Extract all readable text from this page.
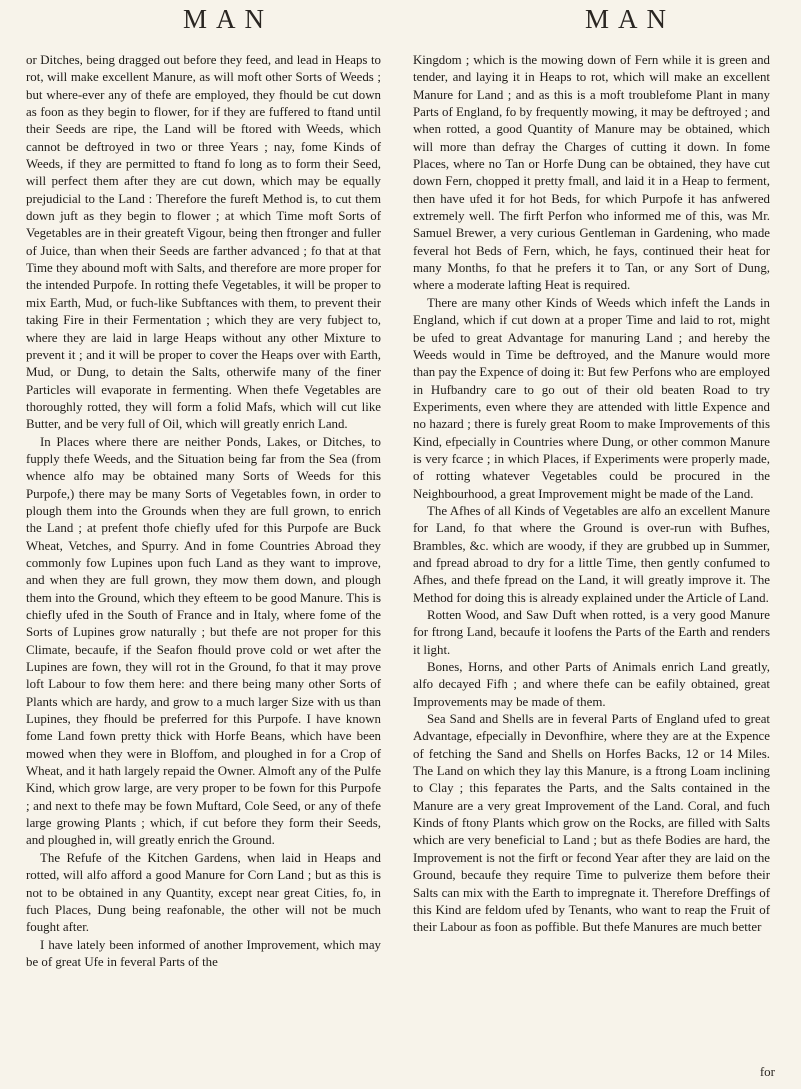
MAN	MAN

or Ditches, being dragged out before they feed, and lead in Heaps to rot, will make excellent Manure, as will moft other Sorts of Weeds ; but where-ever any of thefe are employed, they fhould be cut down as foon as they begin to flower, for if they are fuffered to ftand until their Seeds are ripe, the Land will be ftored with Weeds, which cannot be deftroyed in two or three Years ; nay, fome Kinds of Weeds, if they are permitted to ftand fo long as to form their Seed, will perfect them after they are cut down, which may be equally prejudicial to the Land : Therefore the fureft Method is, to cut them down juft as they begin to flower ; at which Time moft Sorts of Vegetables are in their greateft Vigour, being then ftronger and fuller of Juice, than when their Seeds are farther advanced ; fo that at that Time they abound moft with Salts, and therefore are more proper for the intended Purpofe. In rotting thefe Vegetables, it will be proper to mix Earth, Mud, or fuch-like Subftances with them, to prevent their taking Fire in their Fermentation ; which they are very fubject to, where they are laid in large Heaps without any other Mixture to prevent it ; and it will be proper to cover the Heaps over with Earth, Mud, or Dung, to detain the Salts, otherwife many of the finer Particles will evaporate in fermenting. When thefe Vegetables are thoroughly rotted, they will form a folid Mafs, which will cut like Butter, and be very full of Oil, which will greatly enrich Land.

In Places where there are neither Ponds, Lakes, or Ditches, to fupply thefe Weeds, and the Situation being far from the Sea (from whence alfo may be obtained many Sorts of Weeds for this Purpofe,) there may be many Sorts of Vegetables fown, in order to plough them into the Grounds when they are full grown, to enrich the Land ; at prefent thofe chiefly ufed for this Purpofe are Buck Wheat, Vetches, and Spurry. And in fome Countries Abroad they commonly fow Lupines upon fuch Land as they want to improve, and when they are full grown, they mow them down, and plough them into the Ground, which they efteem to be good Manure. This is chiefly ufed in the South of France and in Italy, where fome of the Sorts of Lupines grow naturally ; but thefe are not proper for this Climate, becaufe, if the Seafon fhould prove cold or wet after the Lupines are fown, they will rot in the Ground, fo that it may prove loft Labour to fow them here: and there being many other Sorts of Plants which are hardy, and grow to a much larger Size with us than Lupines, they fhould be preferred for this Purpofe. I have known fome Land fown pretty thick with Horfe Beans, which have been mowed when they were in Bloffom, and ploughed in for a Crop of Wheat, and it hath largely repaid the Owner. Almoft any of the Pulfe Kind, which grow large, are very proper to be fown for this Purpofe ; and next to thefe may be fown Muftard, Cole Seed, or any of thefe large growing Plants ; which, if cut before they form their Seeds, and ploughed in, will greatly enrich the Ground.

The Refufe of the Kitchen Gardens, when laid in Heaps and rotted, will alfo afford a good Manure for Corn Land ; but as this is not to be obtained in any Quantity, except near great Cities, fo, in fuch Places, Dung being reafonable, the other will not be much fought after.

I have lately been informed of another Improvement, which may be of great Ufe in feveral Parts of the

Kingdom ; which is the mowing down of Fern while it is green and tender, and laying it in Heaps to rot, which will make an excellent Manure for Land ; and as this is a moft troublefome Plant in many Parts of England, fo by frequently mowing, it may be deftroyed ; and when rotted, a good Quantity of Manure may be obtained, which will more than defray the Charges of cutting it down. In fome Places, where no Tan or Horfe Dung can be obtained, they have cut down Fern, chopped it pretty fmall, and laid it in a Heap to ferment, then have ufed it for hot Beds, for which Purpofe it has anfwered extremely well. The firft Perfon who informed me of this, was Mr. Samuel Brewer, a very curious Gentleman in Gardening, who made feveral hot Beds of Fern, which, he fays, continued their heat for many Months, fo that he prefers it to Tan, or any Sort of Dung, where a moderate lafting Heat is required.

There are many other Kinds of Weeds which infeft the Lands in England, which if cut down at a proper Time and laid to rot, might be ufed to great Advantage for manuring Land ; and hereby the Weeds would in Time be deftroyed, and the Manure would more than pay the Expence of doing it: But few Perfons who are employed in Hufbandry care to go out of their old beaten Road to try Experiments, even where they are attended with little Expence and no hazard ; there is furely great Room to make Improvements of this Kind, efpecially in Countries where Dung, or other common Manure is very fcarce ; in which Places, if Experiments were properly made, of rotting whatever Vegetables could be procured in the Neighbourhood, a great Improvement might be made of the Land.

The Afhes of all Kinds of Vegetables are alfo an excellent Manure for Land, fo that where the Ground is over-run with Bufhes, Brambles, &c. which are woody, if they are grubbed up in Summer, and fpread abroad to dry for a little Time, then gently confumed to Afhes, and thefe fpread on the Land, it will greatly improve it. The Method for doing this is already explained under the Article of Land.

Rotten Wood, and Saw Duft when rotted, is a very good Manure for ftrong Land, becaufe it loofens the Parts of the Earth and renders it light.

Bones, Horns, and other Parts of Animals enrich Land greatly, alfo decayed Fifh ; and where thefe can be eafily obtained, great Improvements may be made of them.

Sea Sand and Shells are in feveral Parts of England ufed to great Advantage, efpecially in Devonfhire, where they are at the Expence of fetching the Sand and Shells on Horfes Backs, 12 or 14 Miles. The Land on which they lay this Manure, is a ftrong Loam inclining to Clay ; this feparates the Parts, and the Salts contained in the Manure are a very great Improvement of the Land. Coral, and fuch Kinds of ftony Plants which grow on the Rocks, are filled with Salts which are very beneficial to Land ; but as thefe Bodies are hard, the Improvement is not the firft or fecond Year after they are laid on the Ground, becaufe they require Time to pulverize them before their Salts can mix with the Earth to impregnate it. Therefore Dreffings of this Kind are feldom ufed by Tenants, who want to reap the Fruit of their Labour as foon as poffible. But thefe Manures are much better

for
